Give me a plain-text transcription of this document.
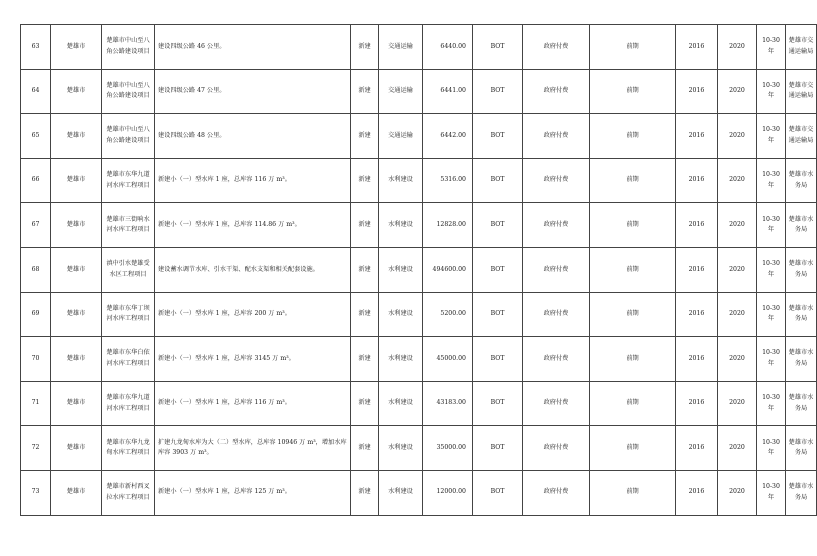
63	楚雄市	楚雄市中山至八角公路建设项目	建设四级公路 46 公里。	新建	交通运输	6440.00	BOT	政府付费	前期	2016	2020	10-30年	楚雄市交通运输局
64	楚雄市	楚雄市中山至八角公路建设项目	建设四级公路 47 公里。	新建	交通运输	6441.00	BOT	政府付费	前期	2016	2020	10-30年	楚雄市交通运输局
65	楚雄市	楚雄市中山至八角公路建设项目	建设四级公路 48 公里。	新建	交通运输	6442.00	BOT	政府付费	前期	2016	2020	10-30年	楚雄市交通运输局
66	楚雄市	楚雄市东华九道河水库工程项目	新建小（一）型水库 1 座，总库容 116 万 m³。	新建	水利建设	5316.00	BOT	政府付费	前期	2016	2020	10-30年	楚雄市水务局
67	楚雄市	楚雄市三街响水河水库工程项目	新建小（一）型水库 1 座，总库容 114.86 万 m³。	新建	水利建设	12828.00	BOT	政府付费	前期	2016	2020	10-30年	楚雄市水务局
68	楚雄市	滇中引水楚雄受水区工程项目	建设蓄水调节水库、引水干渠、配水支渠和相关配套设施。	新建	水利建设	494600.00	BOT	政府付费	前期	2016	2020	10-30年	楚雄市水务局
69	楚雄市	楚雄市东华丁坝河水库工程项目	新建小（一）型水库 1 座，总库容 200 万 m³。	新建	水利建设	5200.00	BOT	政府付费	前期	2016	2020	10-30年	楚雄市水务局
70	楚雄市	楚雄市东华白依河水库工程项目	新建小（一）型水库 1 座，总库容 3145 万 m³。	新建	水利建设	45000.00	BOT	政府付费	前期	2016	2020	10-30年	楚雄市水务局
71	楚雄市	楚雄市东华九道河水库工程项目	新建小（一）型水库 1 座，总库容 116 万 m³。	新建	水利建设	43183.00	BOT	政府付费	前期	2016	2020	10-30年	楚雄市水务局
72	楚雄市	楚雄市东华九龙甸水库工程项目	扩建九龙甸水库为大（二）型水库，总库容 10946 万 m³，增加水库库容 3903 万 m³。	新建	水利建设	35000.00	BOT	政府付费	前期	2016	2020	10-30年	楚雄市水务局
73	楚雄市	楚雄市新村西叉拉水库工程项目	新建小（一）型水库 1 座，总库容 125 万 m³。	新建	水利建设	12000.00	BOT	政府付费	前期	2016	2020	10-30年	楚雄市水务局
